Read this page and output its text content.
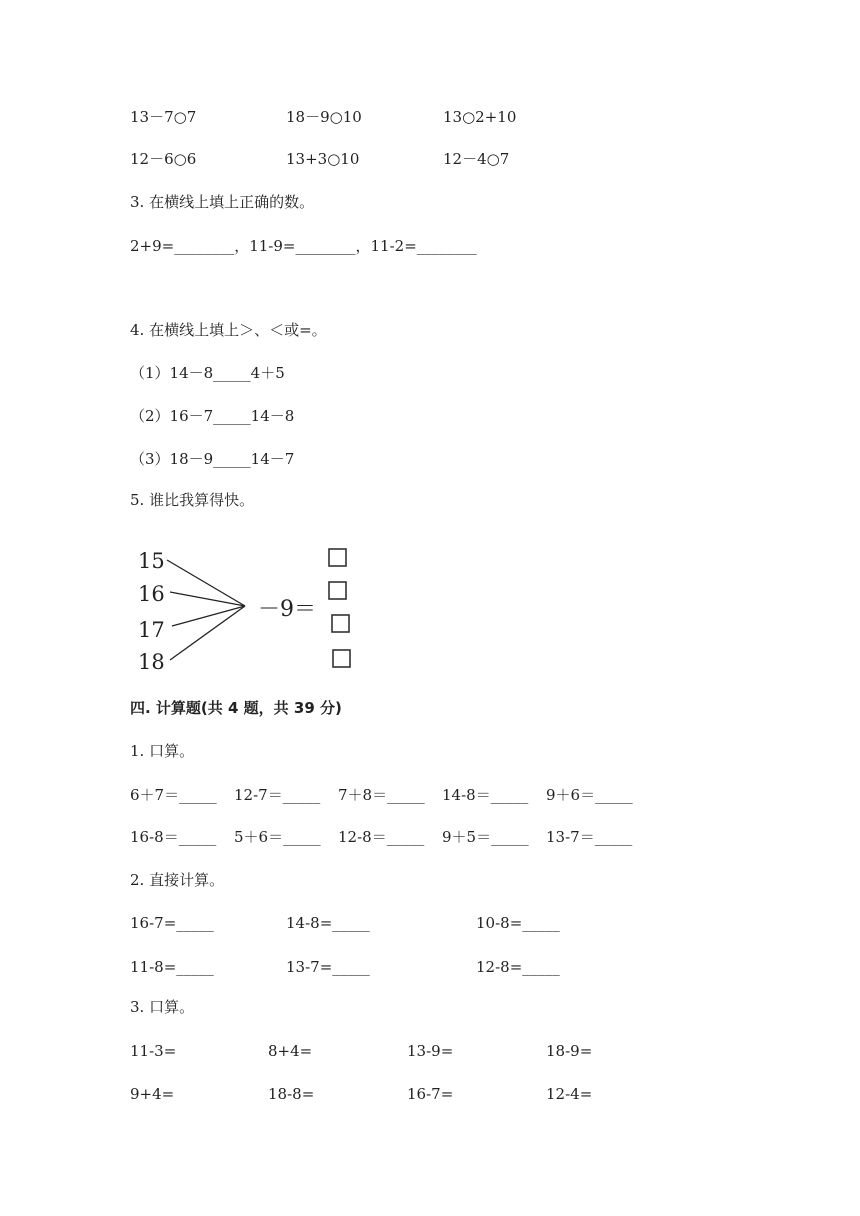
13－7○7	18－9○10	13○2+10
12－6○6	13+3○10	12－4○7
3. 在横线上填上正确的数。
2+9=________，11-9=________，11-2=________
4. 在横线上填上＞、＜或=。
（1）14－8_____4＋5
（2）16－7_____14－8
（3）18－9_____14－7
5. 谁比我算得快。
15
16
17
18
－9＝
四. 计算题(共 4 题，共 39 分)
1. 口算。
6＋7＝_____ 12-7＝_____ 7＋8＝_____ 14-8＝_____ 9＋6＝_____
16-8＝_____ 5＋6＝_____ 12-8＝_____ 9＋5＝_____ 13-7＝_____
2. 直接计算。
16-7=_____	14-8=_____	10-8=_____
11-8=_____	13-7=_____	12-8=_____
3. 口算。
11-3=	8+4=	13-9=	18-9=
9+4=	18-8=	16-7=	12-4=
